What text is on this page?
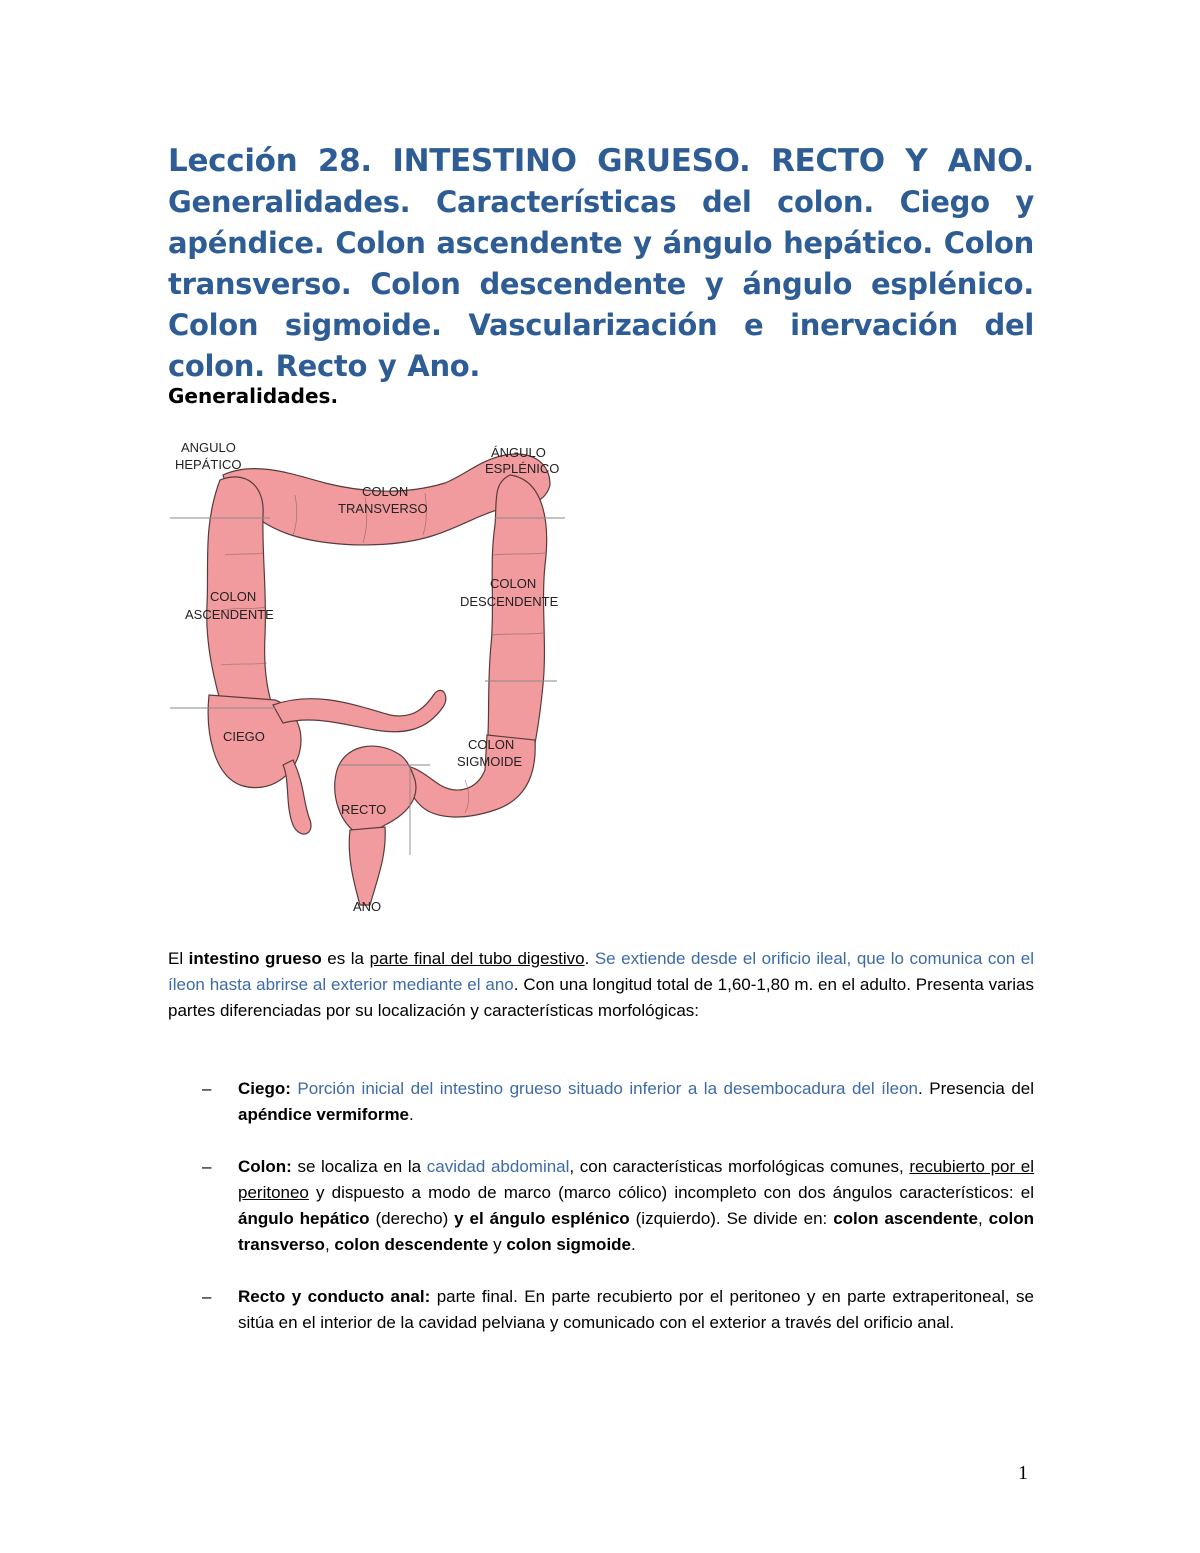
Lección 28. INTESTINO GRUESO. RECTO Y ANO. Generalidades. Características del colon. Ciego y apéndice. Colon ascendente y ángulo hepático. Colon transverso. Colon descendente y ángulo esplénico. Colon sigmoide. Vascularización e inervación del colon. Recto y Ano.
Generalidades.
ANGULO
HEPÁTICO
ÁNGULO
ESPLÉNICO
COLON
TRANSVERSO
COLON
ASCENDENTE
COLON
DESCENDENTE
CIEGO
COLON
SIGMOIDE
RECTO
ANO

El intestino grueso es la parte final del tubo digestivo. Se extiende desde el orificio ileal, que lo comunica con el íleon hasta abrirse al exterior mediante el ano. Con una longitud total de 1,60-1,80 m. en el adulto. Presenta varias partes diferenciadas por su localización y características morfológicas:

– Ciego: Porción inicial del intestino grueso situado inferior a la desembocadura del íleon. Presencia del apéndice vermiforme.
– Colon: se localiza en la cavidad abdominal, con características morfológicas comunes, recubierto por el peritoneo y dispuesto a modo de marco (marco cólico) incompleto con dos ángulos característicos: el ángulo hepático (derecho) y el ángulo esplénico (izquierdo). Se divide en: colon ascendente, colon transverso, colon descendente y colon sigmoide.
– Recto y conducto anal: parte final. En parte recubierto por el peritoneo y en parte extraperitoneal, se sitúa en el interior de la cavidad pelviana y comunicado con el exterior a través del orificio anal.
1
